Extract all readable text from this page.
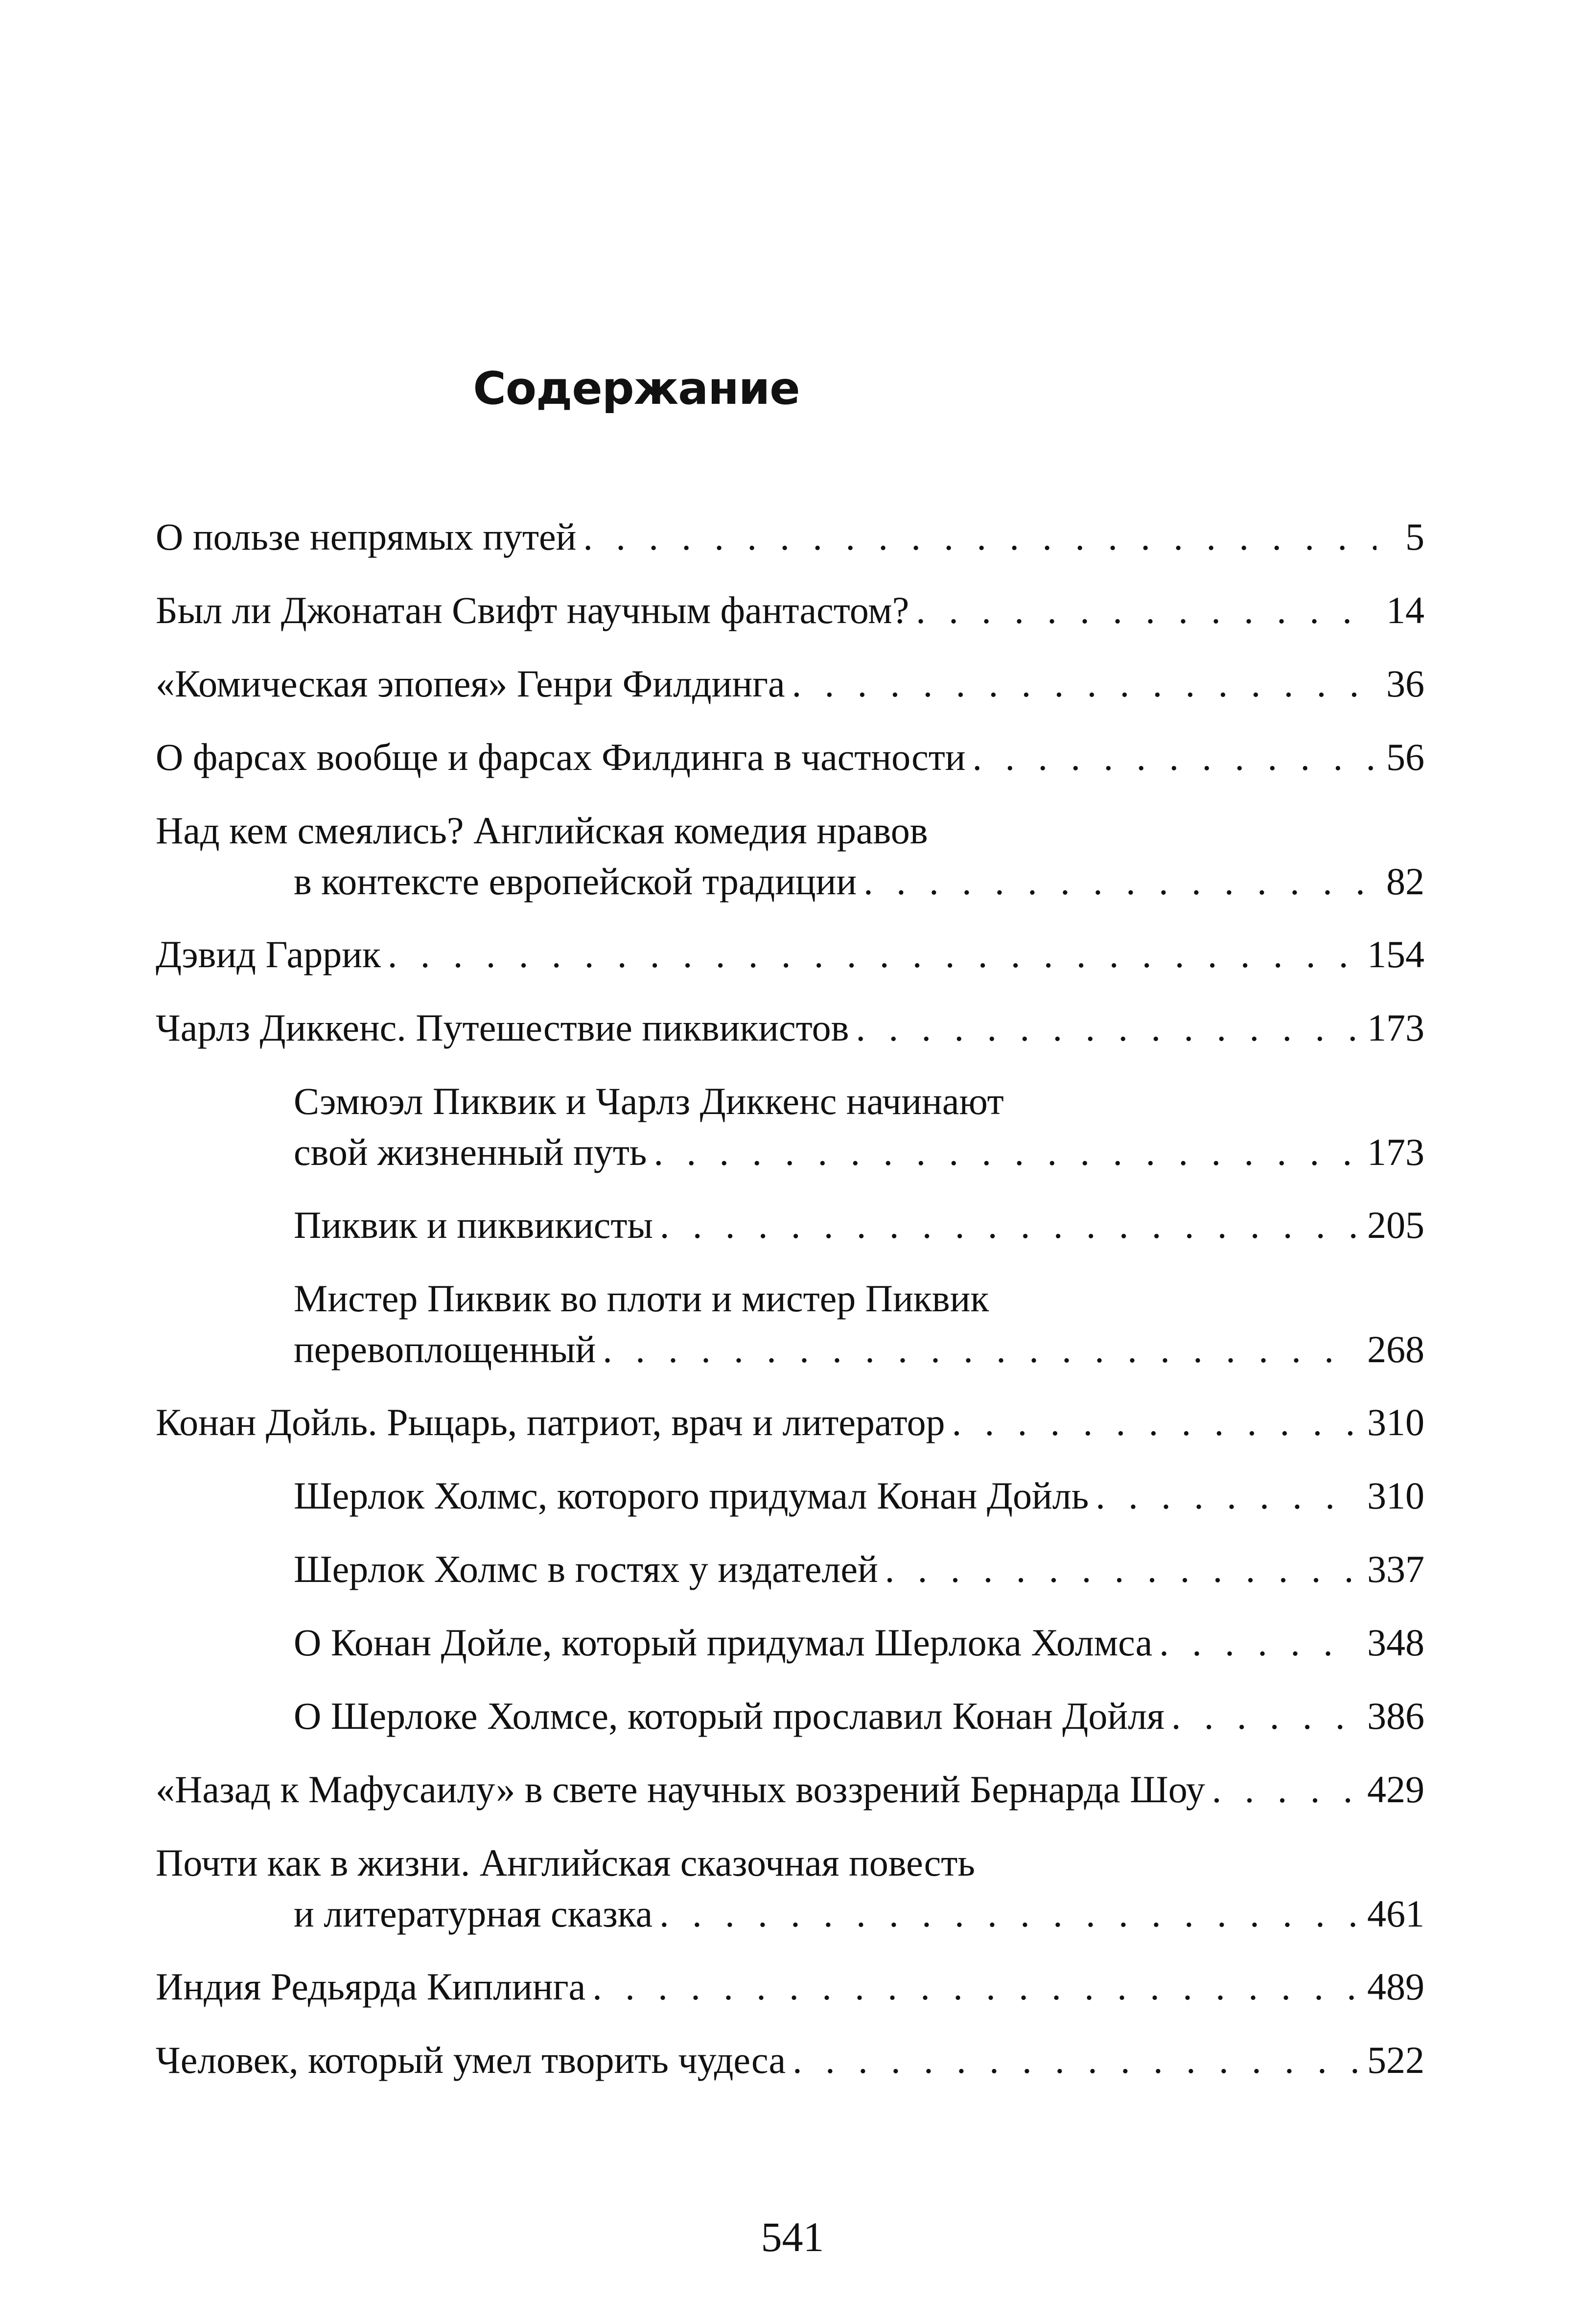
Содержание
О пользе непрямых путей . . .	5
Был ли Джонатан Свифт научным фантастом? . . .	14
«Комическая эпопея» Генри Филдинга . . .	36
О фарсах вообще и фарсах Филдинга в частности . . .	56
Над кем смеялись? Английская комедия нравов
в контексте европейской традиции . . .	82
Дэвид Гаррик . . .	154
Чарлз Диккенс. Путешествие пиквикистов . . .	173
Сэмюэл Пиквик и Чарлз Диккенс начинают
свой жизненный путь . . .	173
Пиквик и пиквикисты . . .	205
Мистер Пиквик во плоти и мистер Пиквик
перевоплощенный . . .	268
Конан Дойль. Рыцарь, патриот, врач и литератор . . .	310
Шерлок Холмс, которого придумал Конан Дойль . . .	310
Шерлок Холмс в гостях у издателей . . .	337
О Конан Дойле, который придумал Шерлока Холмса . . .	348
О Шерлоке Холмсе, который прославил Конан Дойля . . .	386
«Назад к Мафусаилу» в свете научных воззрений Бернарда Шоу . . .	429
Почти как в жизни. Английская сказочная повесть
и литературная сказка . . .	461
Индия Редьярда Киплинга . . .	489
Человек, который умел творить чудеса . . .	522

541
